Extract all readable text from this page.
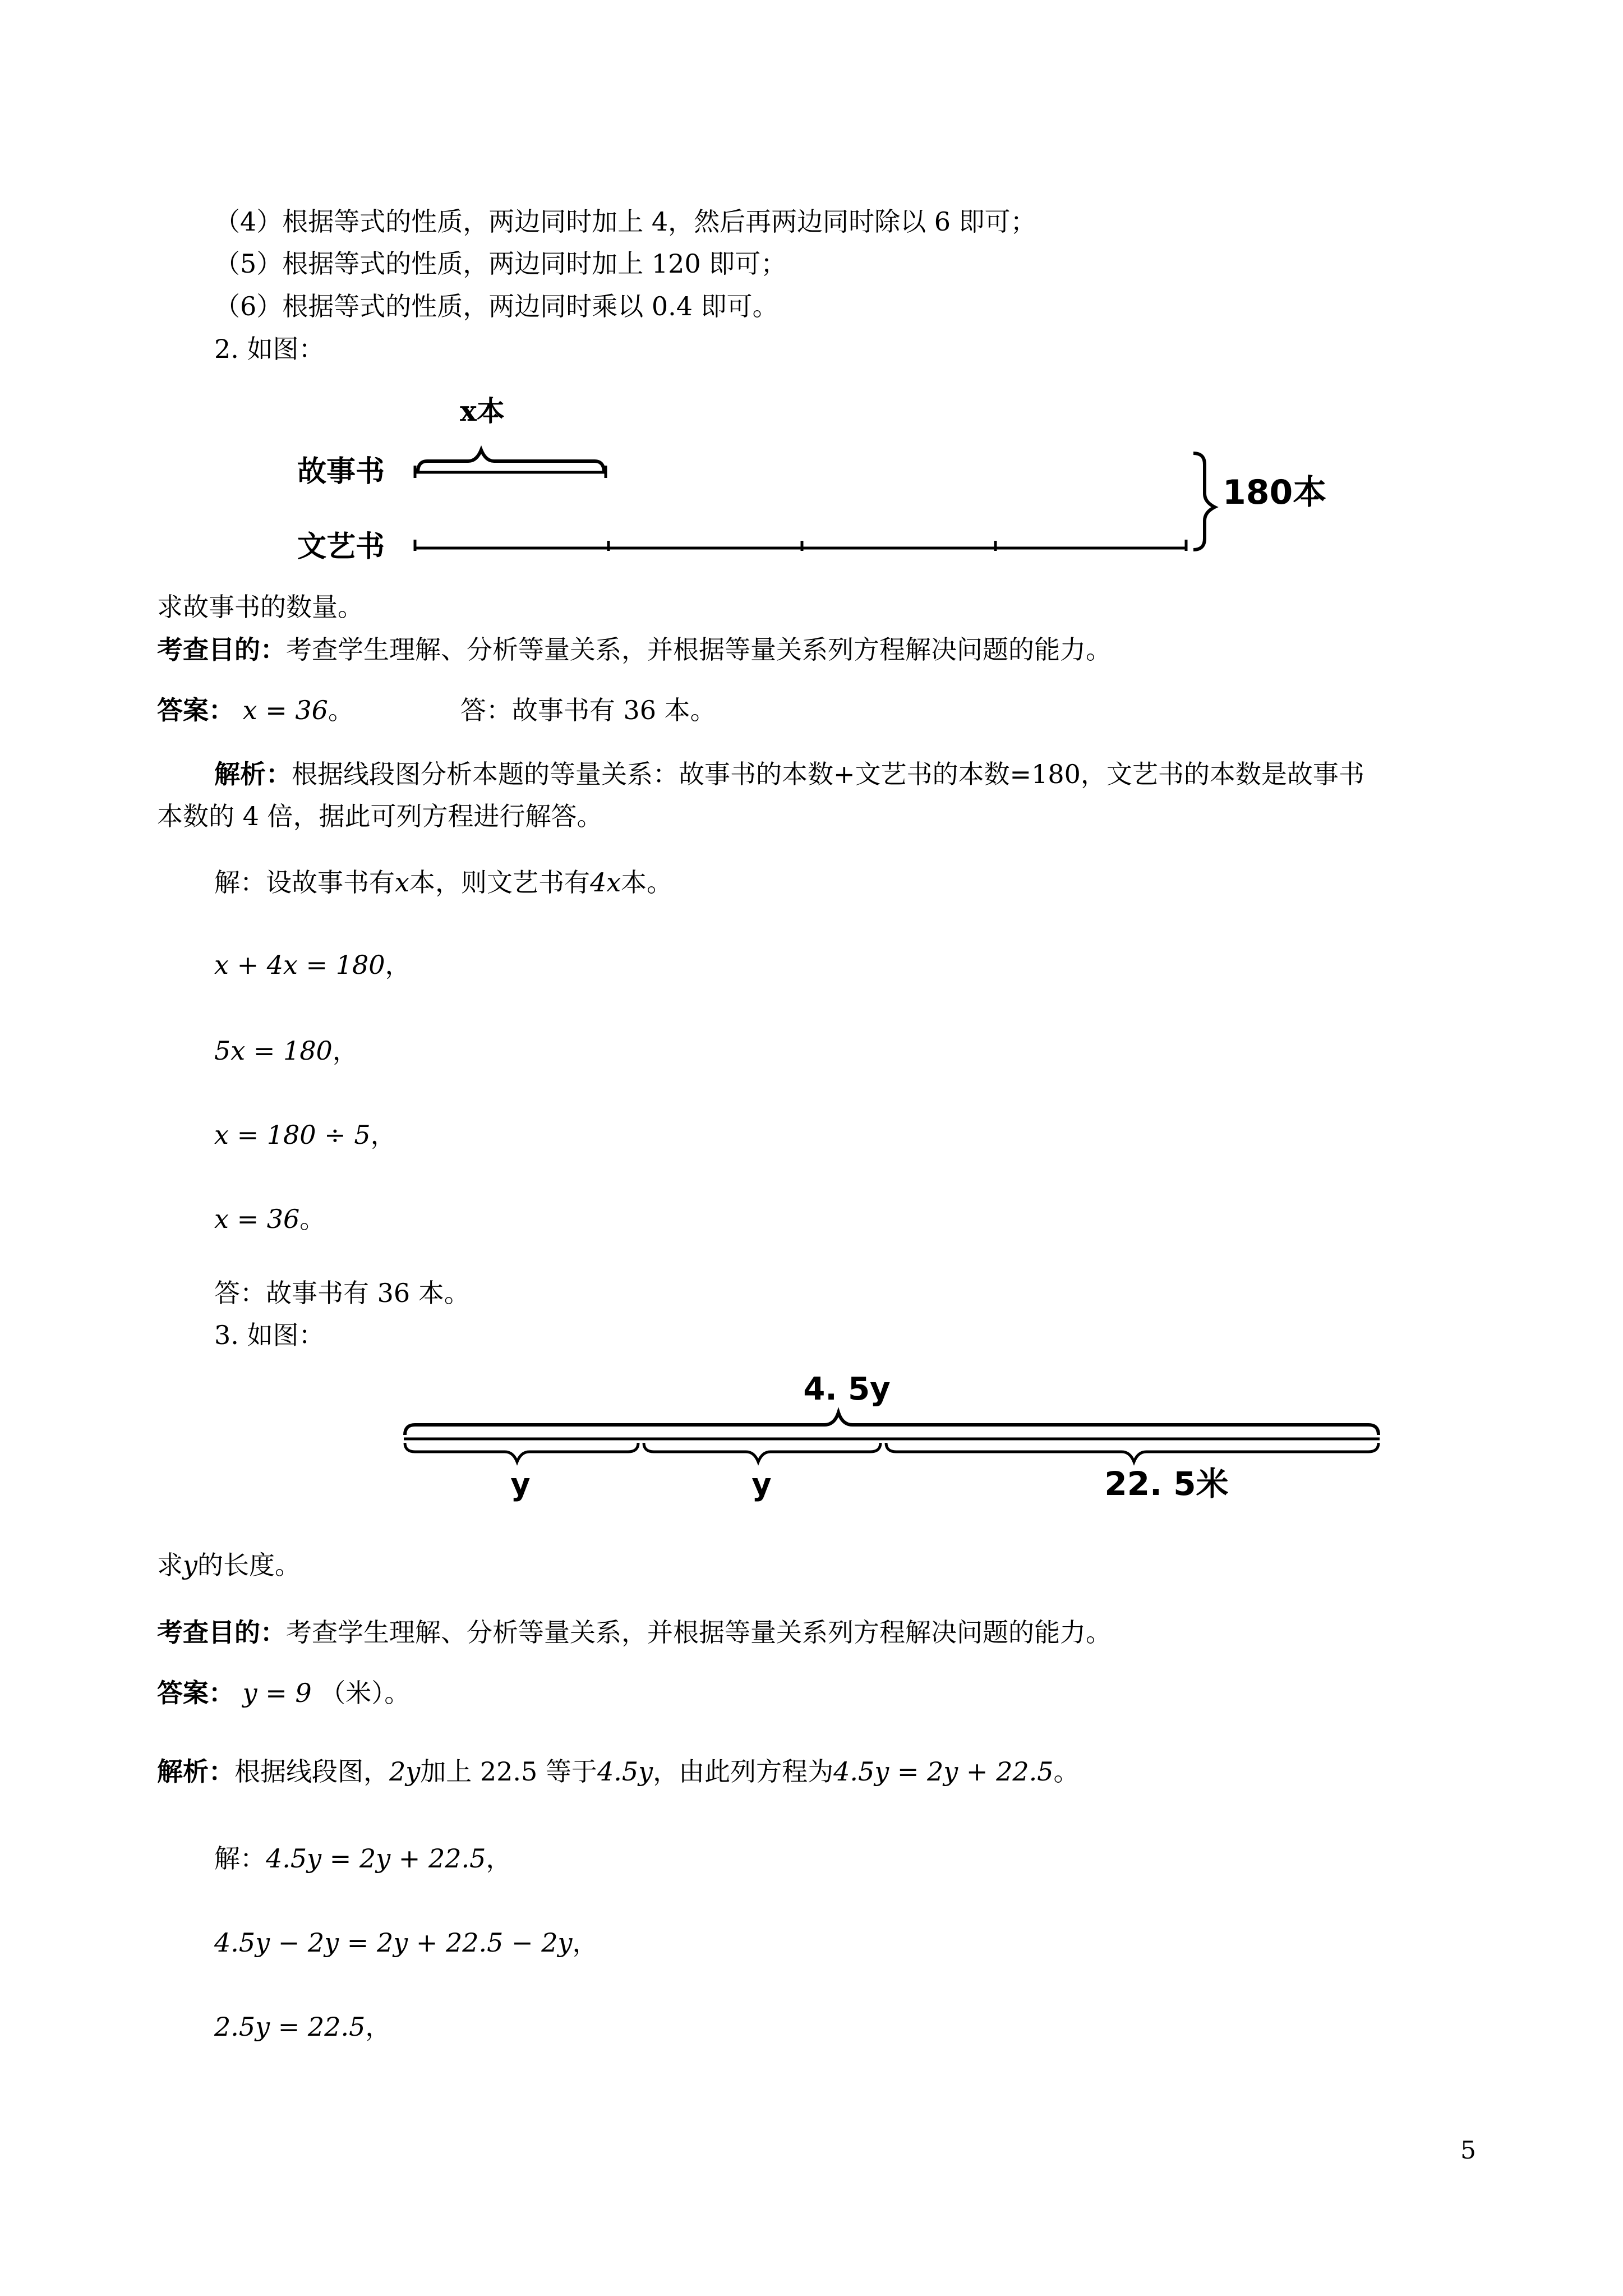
（4）根据等式的性质，两边同时加上 4，然后再两边同时除以 6 即可；
（5）根据等式的性质，两边同时加上 120 即可；
（6）根据等式的性质，两边同时乘以 0.4 即可。
2. 如图：
x本
故事书
文艺书
180本
求故事书的数量。
考查目的：考查学生理解、分析等量关系，并根据等量关系列方程解决问题的能力。
答案： x = 36。	答：故事书有 36 本。
解析：根据线段图分析本题的等量关系：故事书的本数+文艺书的本数=180，文艺书的本数是故事书
本数的 4 倍，据此可列方程进行解答。
解：设故事书有x本，则文艺书有4x本。
x + 4x = 180，
5x = 180，
x = 180 ÷ 5，
x = 36。
答：故事书有 36 本。
3. 如图：
4. 5y
y	y	22. 5米
求y的长度。
考查目的：考查学生理解、分析等量关系，并根据等量关系列方程解决问题的能力。
答案： y = 9 （米）。
解析：根据线段图，2y加上 22.5 等于4.5y，由此列方程为4.5y = 2y + 22.5。
解：4.5y = 2y + 22.5，
4.5y − 2y = 2y + 22.5 − 2y，
2.5y = 22.5，
5
